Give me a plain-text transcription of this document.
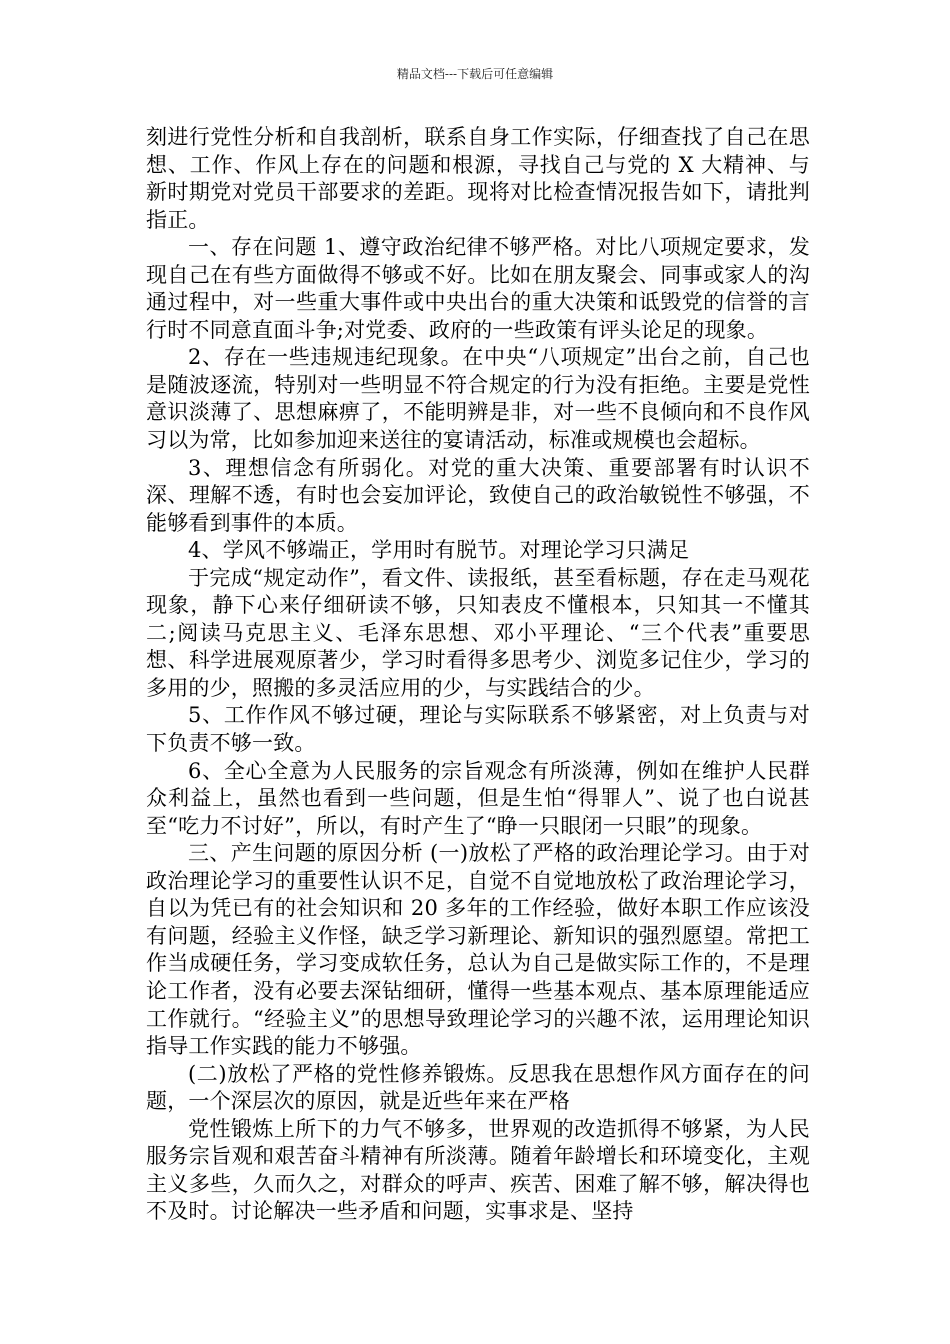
精品文档---下载后可任意编辑

刻进行党性分析和自我剖析，联系自身工作实际，仔细查找了自己在思想、工作、作风上存在的问题和根源，寻找自己与党的 X 大精神、与新时期党对党员干部要求的差距。现将对比检查情况报告如下，请批判指正。

一、存在问题 1、遵守政治纪律不够严格。对比八项规定要求，发现自己在有些方面做得不够或不好。比如在朋友聚会、同事或家人的沟通过程中，对一些重大事件或中央出台的重大决策和诋毁党的信誉的言行时不同意直面斗争;对党委、政府的一些政策有评头论足的现象。

2、存在一些违规违纪现象。在中央“八项规定”出台之前，自己也是随波逐流，特别对一些明显不符合规定的行为没有拒绝。主要是党性意识淡薄了、思想麻痹了，不能明辨是非，对一些不良倾向和不良作风习以为常，比如参加迎来送往的宴请活动，标准或规模也会超标。

3、理想信念有所弱化。对党的重大决策、重要部署有时认识不深、理解不透，有时也会妄加评论，致使自己的政治敏锐性不够强，不能够看到事件的本质。

4、学风不够端正，学用时有脱节。对理论学习只满足

于完成“规定动作”，看文件、读报纸，甚至看标题，存在走马观花现象，静下心来仔细研读不够，只知表皮不懂根本，只知其一不懂其二;阅读马克思主义、毛泽东思想、邓小平理论、“三个代表”重要思想、科学进展观原著少，学习时看得多思考少、浏览多记住少，学习的多用的少，照搬的多灵活应用的少，与实践结合的少。

5、工作作风不够过硬，理论与实际联系不够紧密，对上负责与对下负责不够一致。

6、全心全意为人民服务的宗旨观念有所淡薄，例如在维护人民群众利益上，虽然也看到一些问题，但是生怕“得罪人”、说了也白说甚至“吃力不讨好”，所以，有时产生了“睁一只眼闭一只眼”的现象。

三、产生问题的原因分析 (一)放松了严格的政治理论学习。由于对政治理论学习的重要性认识不足，自觉不自觉地放松了政治理论学习，自以为凭已有的社会知识和 20 多年的工作经验，做好本职工作应该没有问题，经验主义作怪，缺乏学习新理论、新知识的强烈愿望。常把工作当成硬任务，学习变成软任务，总认为自己是做实际工作的，不是理论工作者，没有必要去深钻细研，懂得一些基本观点、基本原理能适应工作就行。“经验主义”的思想导致理论学习的兴趣不浓，运用理论知识指导工作实践的能力不够强。

(二)放松了严格的党性修养锻炼。反思我在思想作风方面存在的问题，一个深层次的原因，就是近些年来在严格

党性锻炼上所下的力气不够多，世界观的改造抓得不够紧，为人民服务宗旨观和艰苦奋斗精神有所淡薄。随着年龄增长和环境变化，主观主义多些，久而久之，对群众的呼声、疾苦、困难了解不够，解决得也不及时。讨论解决一些矛盾和问题，实事求是、坚持
